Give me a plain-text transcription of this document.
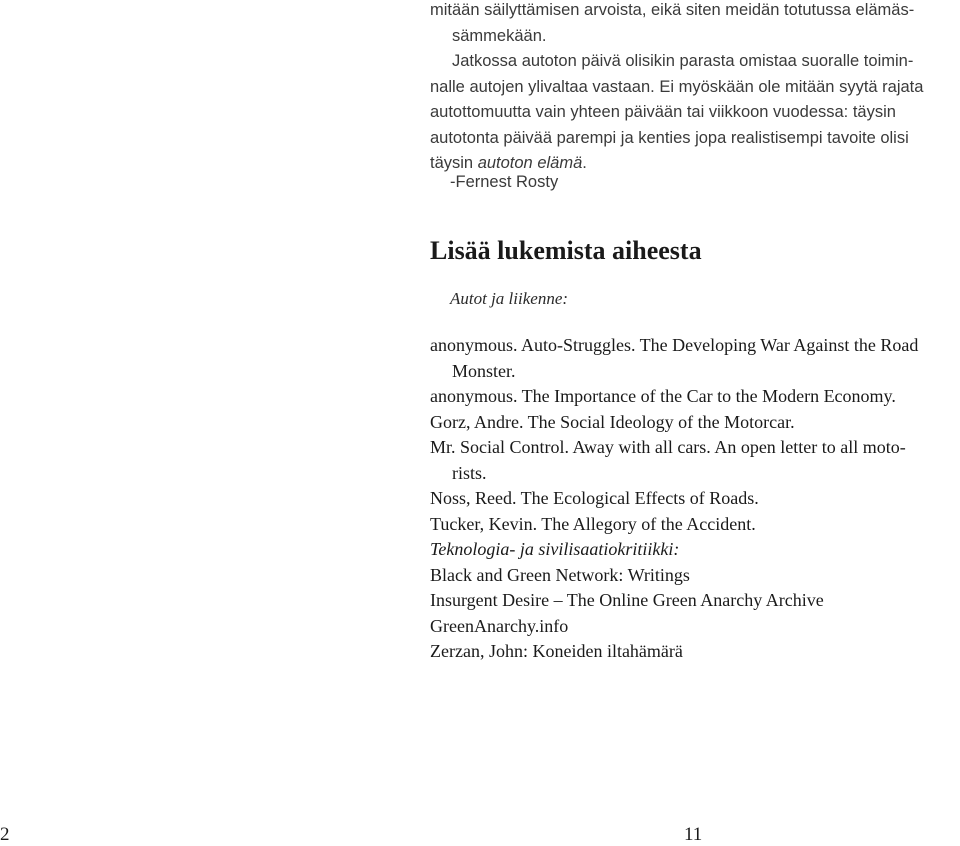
mitään säilyttämisen arvoista, eikä siten meidän totutussa elämäs-
sämmekään.
Jatkossa autoton päivä olisikin parasta omistaa suoralle toimin-
nalle autojen ylivaltaa vastaan. Ei myöskään ole mitään syytä rajata
autottomuutta vain yhteen päivään tai viikkoon vuodessa: täysin
autotonta päivää parempi ja kenties jopa realistisempi tavoite olisi
täysin autoton elämä.
-Fernest Rosty
Lisää lukemista aiheesta
Autot ja liikenne:
anonymous. Auto-Struggles. The Developing War Against the Road
Monster.
anonymous. The Importance of the Car to the Modern Economy.
Gorz, Andre. The Social Ideology of the Motorcar.
Mr. Social Control. Away with all cars. An open letter to all moto-
rists.
Noss, Reed. The Ecological Effects of Roads.
Tucker, Kevin. The Allegory of the Accident.
Teknologia- ja sivilisaatiokritiikki:
Black and Green Network: Writings
Insurgent Desire – The Online Green Anarchy Archive
GreenAnarchy.info
Zerzan, John: Koneiden iltahämärä
2	11
